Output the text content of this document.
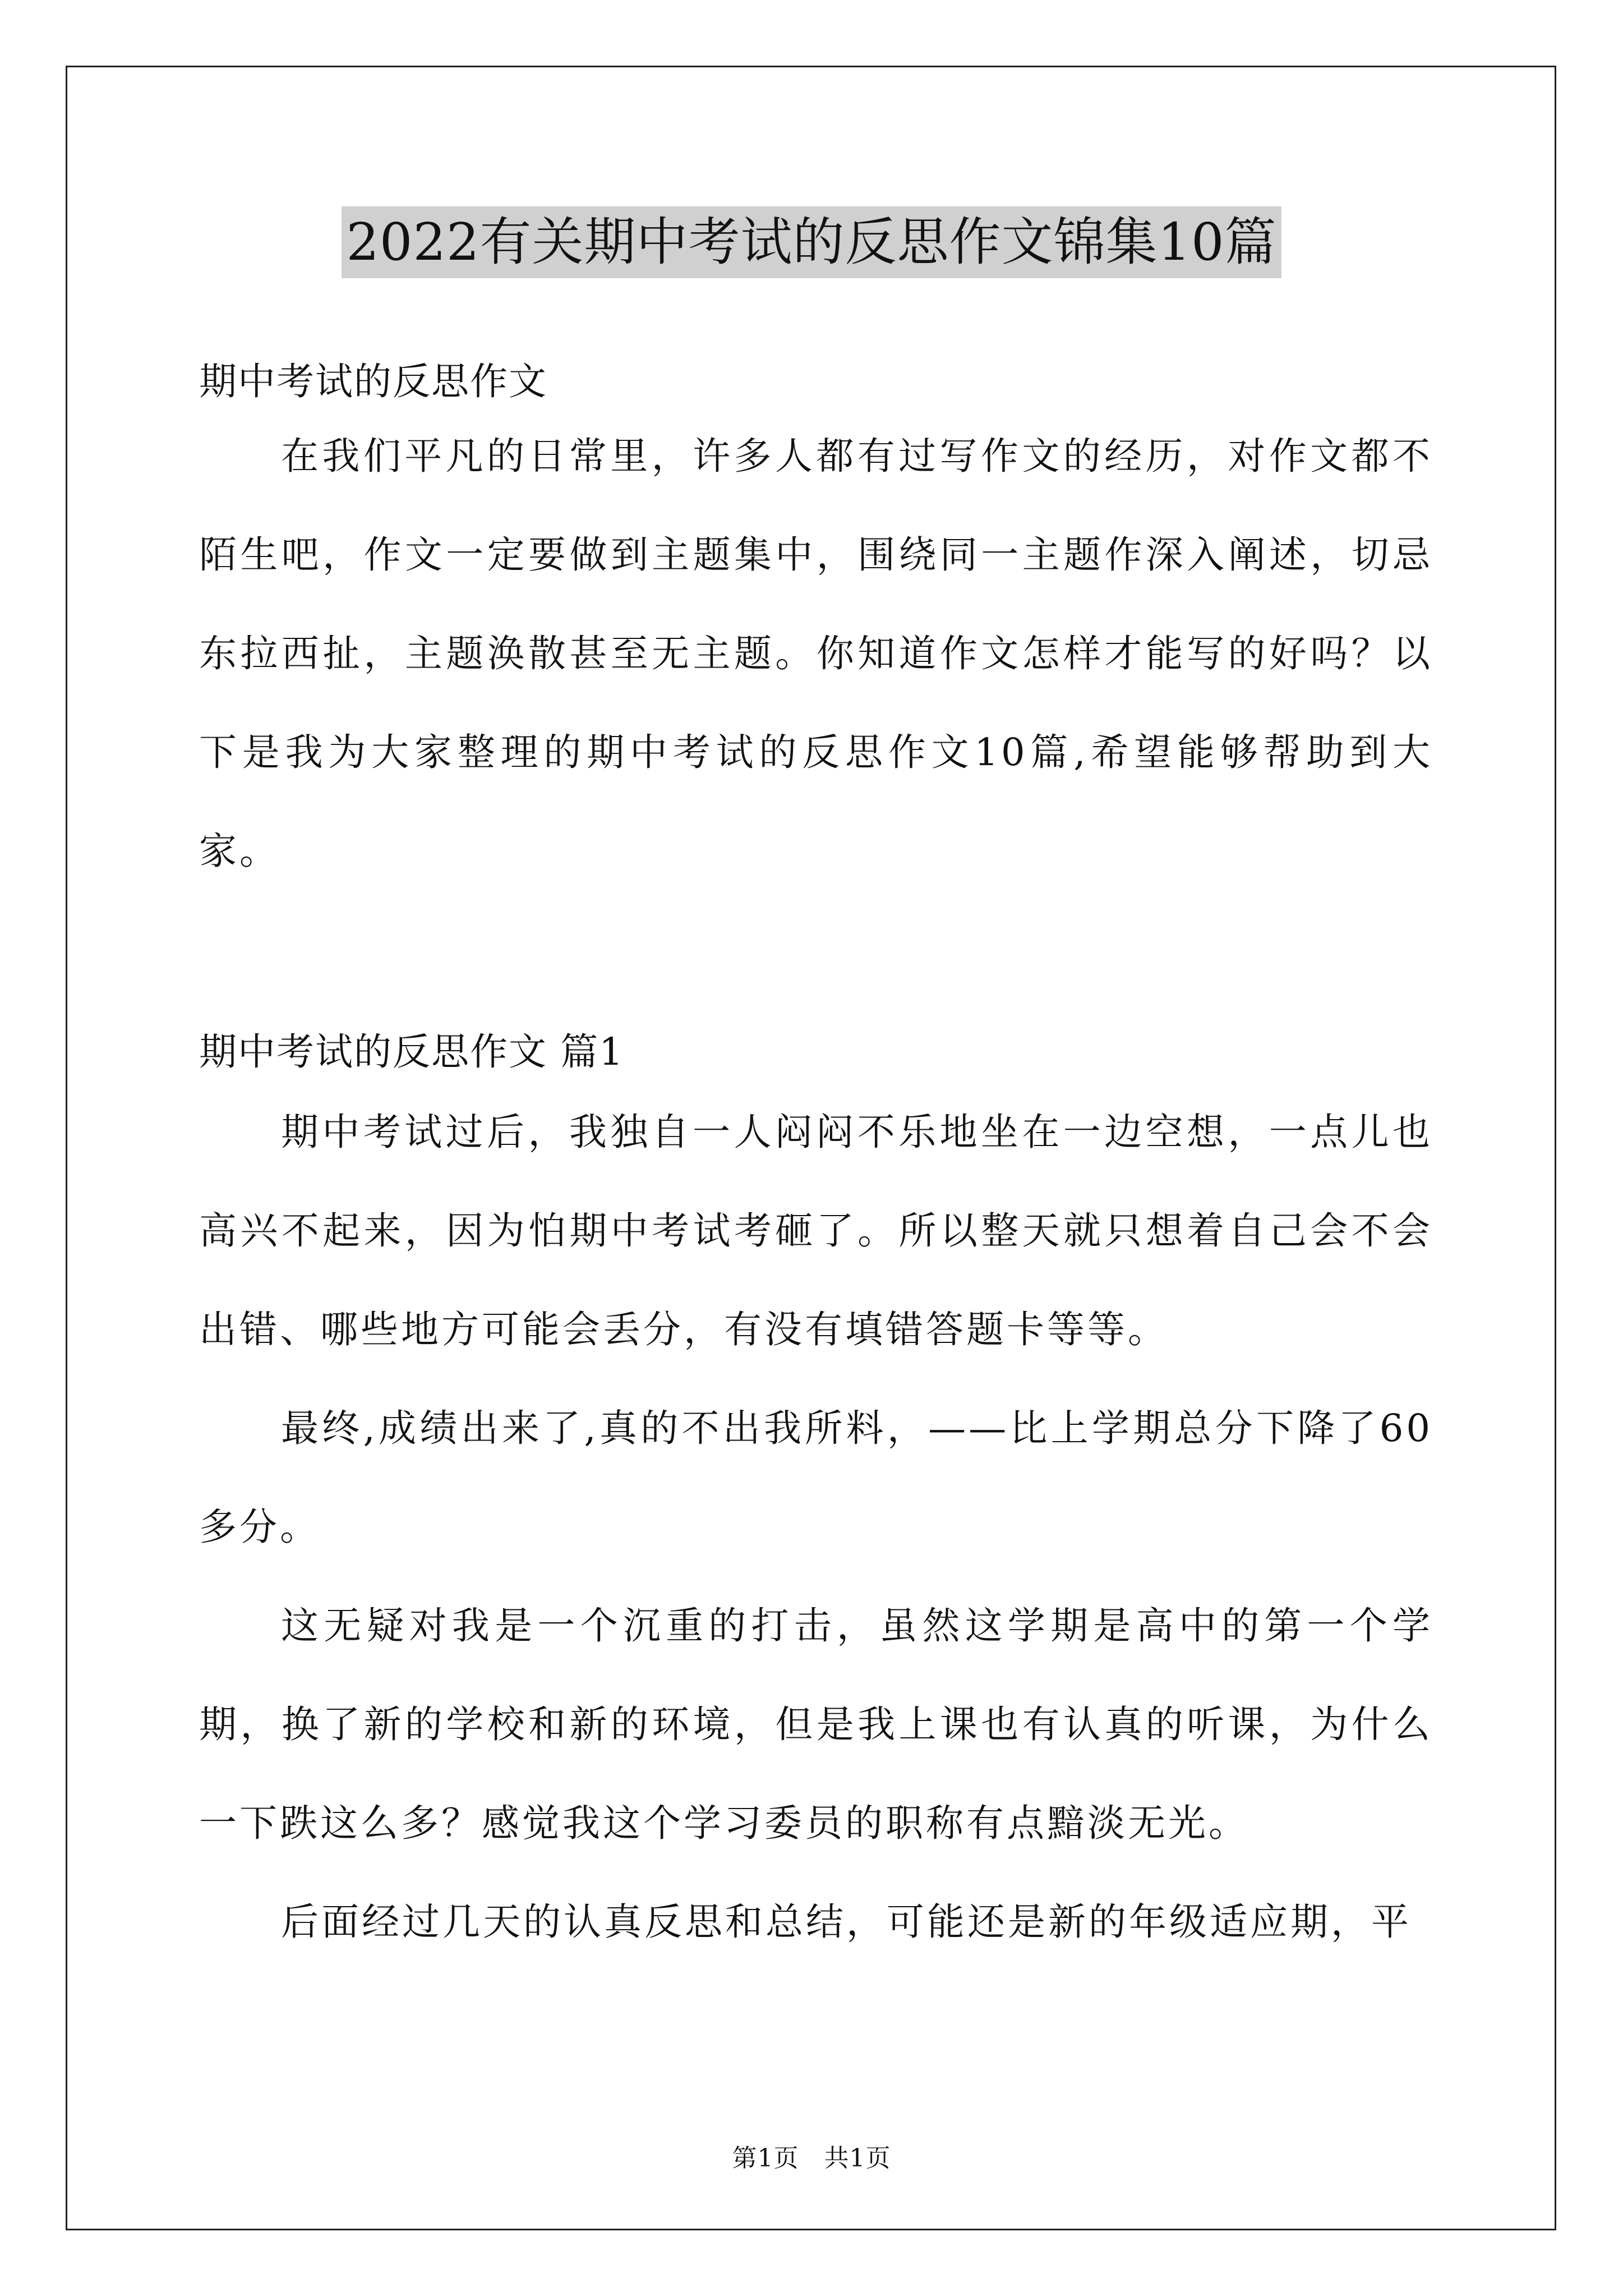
2022有关期中考试的反思作文锦集10篇

期中考试的反思作文

在我们平凡的日常里，许多人都有过写作文的经历，对作文都不陌生吧，作文一定要做到主题集中，围绕同一主题作深入阐述，切忌东拉西扯，主题涣散甚至无主题。你知道作文怎样才能写的好吗？以下是我为大家整理的期中考试的反思作文10篇,希望能够帮助到大家。

期中考试的反思作文 篇1

期中考试过后，我独自一人闷闷不乐地坐在一边空想，一点儿也高兴不起来，因为怕期中考试考砸了。所以整天就只想着自己会不会出错、哪些地方可能会丢分，有没有填错答题卡等等。

最终,成绩出来了,真的不出我所料，——比上学期总分下降了60多分。

这无疑对我是一个沉重的打击，虽然这学期是高中的第一个学期，换了新的学校和新的环境，但是我上课也有认真的听课，为什么一下跌这么多？感觉我这个学习委员的职称有点黯淡无光。

后面经过几天的认真反思和总结，可能还是新的年级适应期，平

第1页　共1页
